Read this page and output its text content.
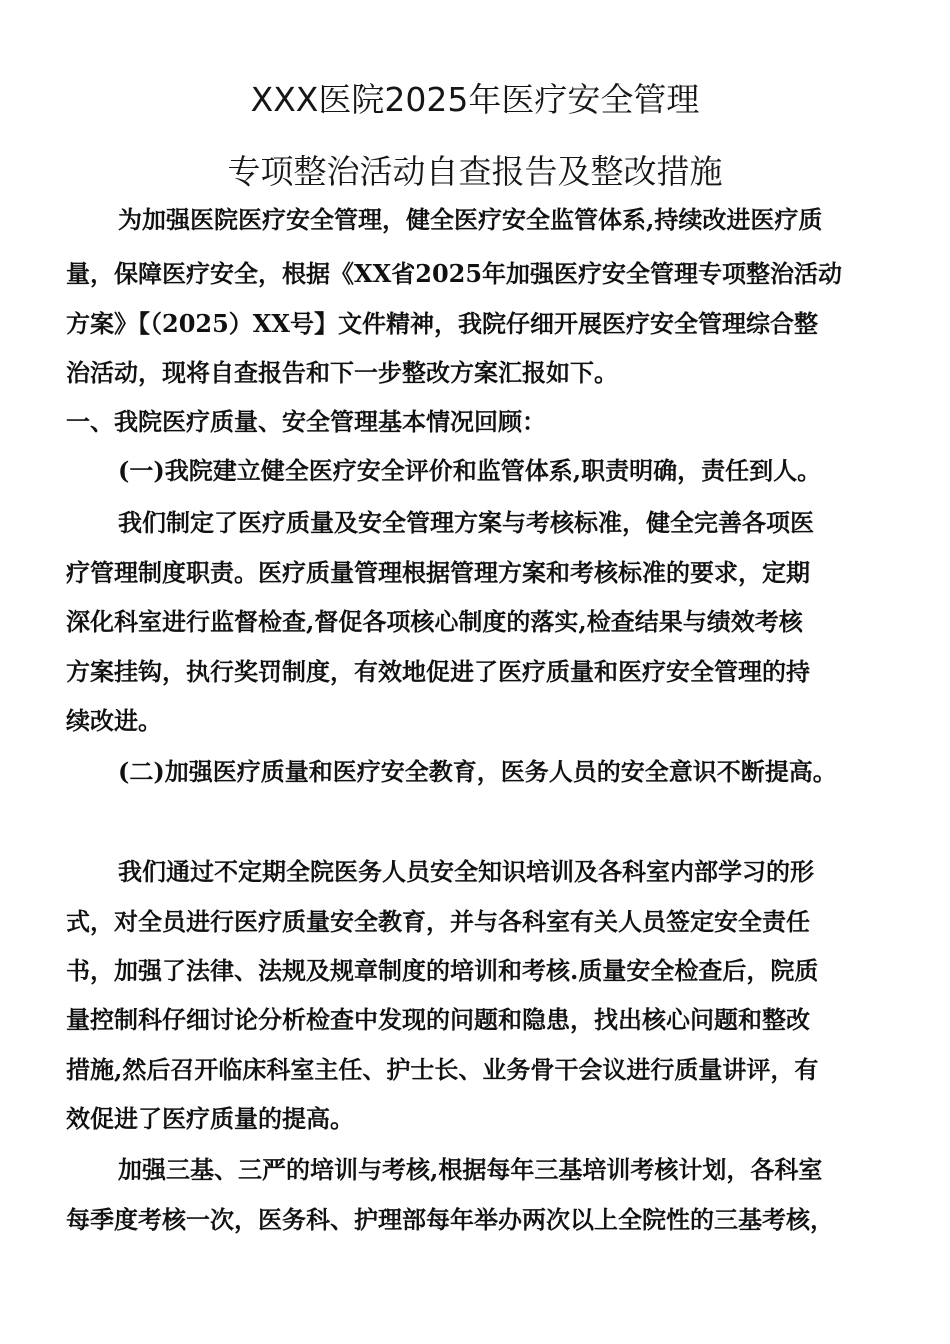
XXX医院2025年医疗安全管理
专项整治活动自查报告及整改措施
为加强医院医疗安全管理，健全医疗安全监管体系,持续改进医疗质
量，保障医疗安全，根据《XX省2025年加强医疗安全管理专项整治活动
方案》【（2025）XX号】文件精神，我院仔细开展医疗安全管理综合整
治活动，现将自查报告和下一步整改方案汇报如下。
一、我院医疗质量、安全管理基本情况回顾：
(一)我院建立健全医疗安全评价和监管体系,职责明确，责任到人。
我们制定了医疗质量及安全管理方案与考核标准，健全完善各项医
疗管理制度职责。医疗质量管理根据管理方案和考核标准的要求，定期
深化科室进行监督检查,督促各项核心制度的落实,检查结果与绩效考核
方案挂钩，执行奖罚制度，有效地促进了医疗质量和医疗安全管理的持
续改进。
(二)加强医疗质量和医疗安全教育，医务人员的安全意识不断提高。
我们通过不定期全院医务人员安全知识培训及各科室内部学习的形
式，对全员进行医疗质量安全教育，并与各科室有关人员签定安全责任
书，加强了法律、法规及规章制度的培训和考核.质量安全检查后，院质
量控制科仔细讨论分析检查中发现的问题和隐患，找出核心问题和整改
措施,然后召开临床科室主任、护士长、业务骨干会议进行质量讲评，有
效促进了医疗质量的提高。
加强三基、三严的培训与考核,根据每年三基培训考核计划，各科室
每季度考核一次，医务科、护理部每年举办两次以上全院性的三基考核，
